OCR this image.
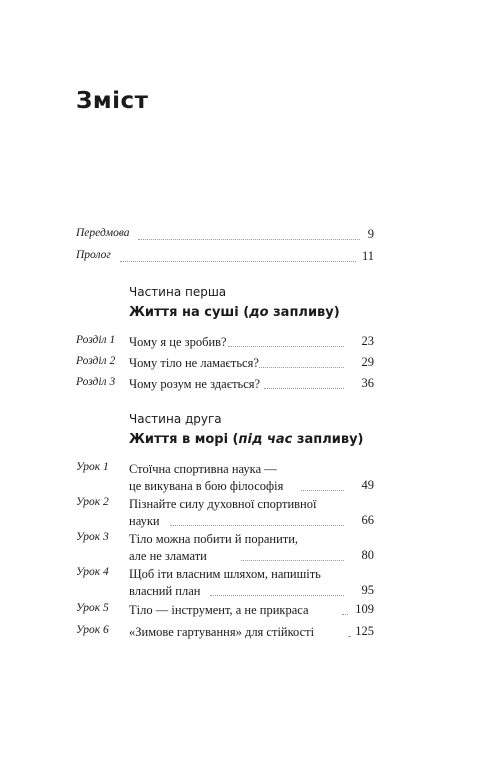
Зміст
Передмова	9
Пролог	11
Частина перша
Життя на суші (до запливу)
Розділ 1 Чому я це зробив?	23
Розділ 2 Чому тіло не ламається?	29
Розділ 3 Чому розум не здається?	36
Частина друга
Життя в морі (під час запливу)
Урок 1 Стоїчна спортивна наука —
це викувана в бою філософія	49
Урок 2 Пізнайте силу духовної спортивної
науки	66
Урок 3 Тіло можна побити й поранити,
але не зламати	80
Урок 4 Щоб іти власним шляхом, напишіть
власний план	95
Урок 5 Тіло — інструмент, а не прикраса	109
Урок 6 «Зимове гартування» для стійкості	125
